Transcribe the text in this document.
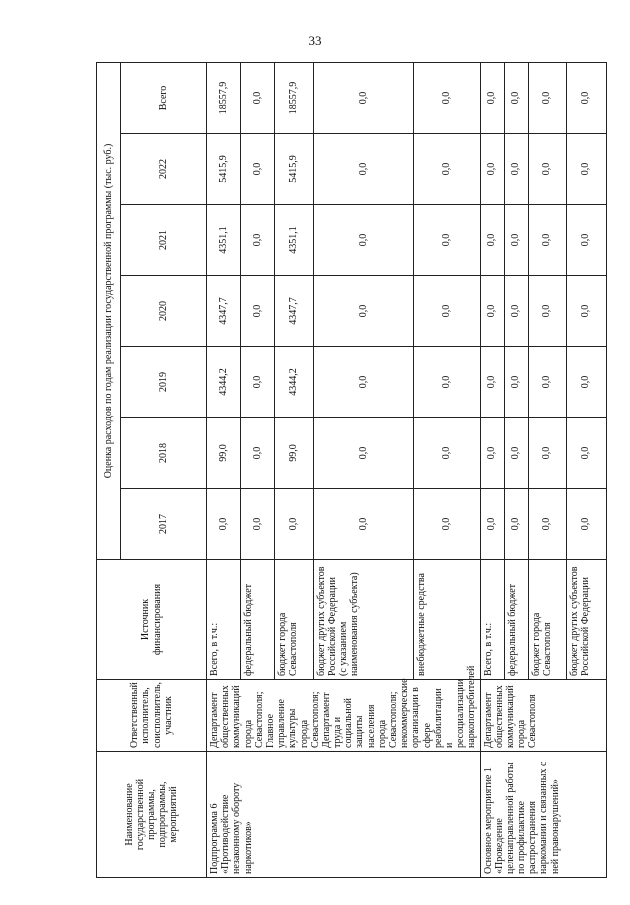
33
Наименование государственной программы, подпрограммы, мероприятий	Ответственный исполнитель, соисполнитель, участник	Источник финансирования	Оценка расходов по годам реализации государственной программы (тыс. руб.)						
			2017	2018	2019	2020	2021	2022	Всего
Подпрограмма 6
«Противодействие незаконному обороту наркотиков»	Департамент общественных коммуникаций города Севастополя;
Главное управление культуры города Севастополя;
Департамент труда и социальной защиты населения города Севастополя;
некоммерческие организации в сфере реабилитации и ресоциализации наркопотребителей	Всего, в т.ч.:	0,0	99,0	4344,2	4347,7	4351,1	5415,9	18557,9
		федеральный бюджет	0,0	0,0	0,0	0,0	0,0	0,0	0,0
		бюджет города Севастополя	0,0	99,0	4344,2	4347,7	4351,1	5415,9	18557,9
		бюджет других субъектов Российской Федерации
(с указанием наименования субъекта)	0,0	0,0	0,0	0,0	0,0	0,0	0,0
		внебюджетные средства	0,0	0,0	0,0	0,0	0,0	0,0	0,0
Основное мероприятие 1
«Проведение целенаправленной работы по профилактике распространения наркомании и связанных с ней правонарушений»	Департамент общественных коммуникаций города Севастополя	Всего, в т.ч.:	0,0	0,0	0,0	0,0	0,0	0,0	0,0
		федеральный бюджет	0,0	0,0	0,0	0,0	0,0	0,0	0,0
		бюджет города Севастополя	0,0	0,0	0,0	0,0	0,0	0,0	0,0
		бюджет других субъектов Российской Федерации	0,0	0,0	0,0	0,0	0,0	0,0	0,0
